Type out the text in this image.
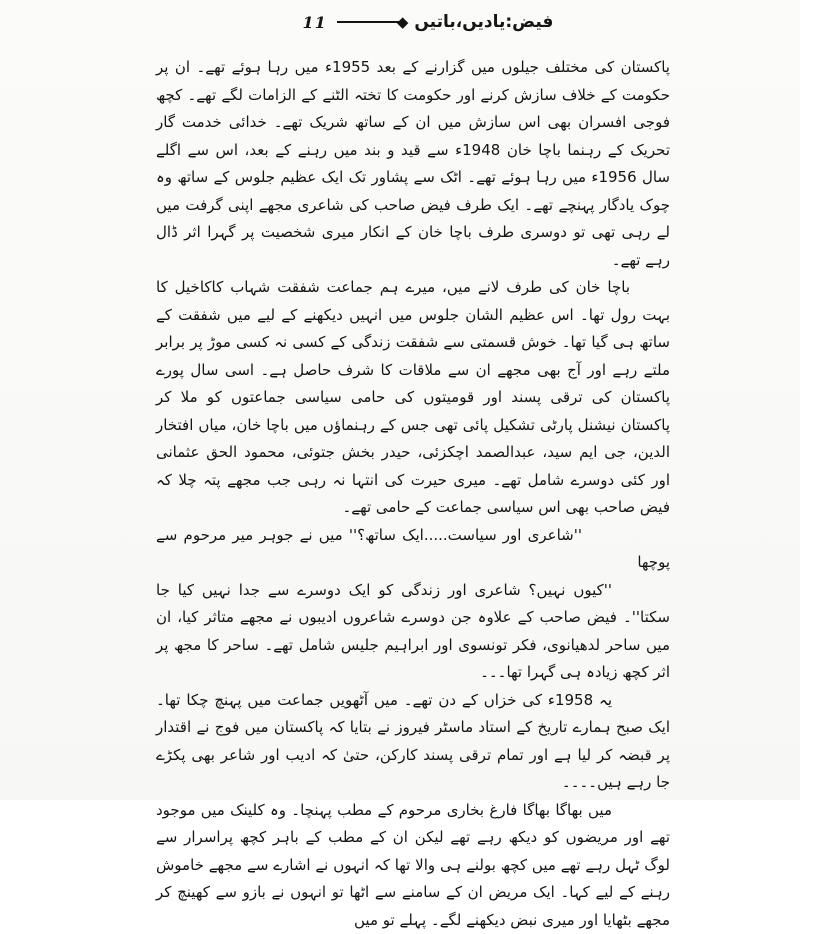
11	◆ فیض:یادیں،باتیں

پاکستان کی مختلف جیلوں میں گزارنے کے بعد 1955ء میں رہا ہوئے تھے۔ ان پر حکومت کے خلاف سازش کرنے اور حکومت کا تختہ الٹنے کے الزامات لگے تھے۔ کچھ فوجی افسران بھی اس سازش میں ان کے ساتھ شریک تھے۔ خدائی خدمت گار تحریک کے رہنما باچا خان 1948ء سے قید و بند میں رہنے کے بعد، اس سے اگلے سال 1956ء میں رہا ہوئے تھے۔ اٹک سے پشاور تک ایک عظیم جلوس کے ساتھ وہ چوک یادگار پہنچے تھے۔ ایک طرف فیض صاحب کی شاعری مجھے اپنی گرفت میں لے رہی تھی تو دوسری طرف باچا خان کے انکار میری شخصیت پر گہرا اثر ڈال رہے تھے۔

باچا خان کی طرف لانے میں، میرے ہم جماعت شفقت شہاب کاکاخیل کا بہت رول تھا۔ اس عظیم الشان جلوس میں انہیں دیکھنے کے لیے میں شفقت کے ساتھ ہی گیا تھا۔ خوش قسمتی سے شفقت زندگی کے کسی نہ کسی موڑ پر برابر ملتے رہے اور آج بھی مجھے ان سے ملاقات کا شرف حاصل ہے۔ اسی سال پورے پاکستان کی ترقی پسند اور قومیتوں کی حامی سیاسی جماعتوں کو ملا کر پاکستان نیشنل پارٹی تشکیل پائی تھی جس کے رہنماؤں میں باچا خان، میاں افتخار الدین، جی ایم سید، عبدالصمد اچکزئی، حیدر بخش جتوئی، محمود الحق عثمانی اور کئی دوسرے شامل تھے۔ میری حیرت کی انتہا نہ رہی جب مجھے پتہ چلا کہ فیض صاحب بھی اس سیاسی جماعت کے حامی تھے۔

''شاعری اور سیاست.....ایک ساتھ؟'' میں نے جوہر میر مرحوم سے پوچھا

''کیوں نہیں؟ شاعری اور زندگی کو ایک دوسرے سے جدا نہیں کیا جا سکتا''۔ فیض صاحب کے علاوہ جن دوسرے شاعروں ادیبوں نے مجھے متاثر کیا، ان میں ساحر لدھیانوی، فکر تونسوی اور ابراہیم جلیس شامل تھے۔ ساحر کا مجھ پر اثر کچھ زیادہ ہی گہرا تھا۔۔۔

یہ 1958ء کی خزاں کے دن تھے۔ میں آٹھویں جماعت میں پہنچ چکا تھا۔ ایک صبح ہمارے تاریخ کے استاد ماسٹر فیروز نے بتایا کہ پاکستان میں فوج نے اقتدار پر قبضہ کر لیا ہے اور تمام ترقی پسند کارکن، حتیٰ کہ ادیب اور شاعر بھی پکڑے جا رہے ہیں۔۔۔۔

میں بھاگا بھاگا فارغ بخاری مرحوم کے مطب پہنچا۔ وہ کلینک میں موجود تھے اور مریضوں کو دیکھ رہے تھے لیکن ان کے مطب کے باہر کچھ پراسرار سے لوگ ٹہل رہے تھے میں کچھ بولنے ہی والا تھا کہ انہوں نے اشارے سے مجھے خاموش رہنے کے لیے کہا۔ ایک مریض ان کے سامنے سے اٹھا تو انہوں نے بازو سے کھینچ کر مجھے بٹھایا اور میری نبض دیکھنے لگے۔ پہلے تو میں
